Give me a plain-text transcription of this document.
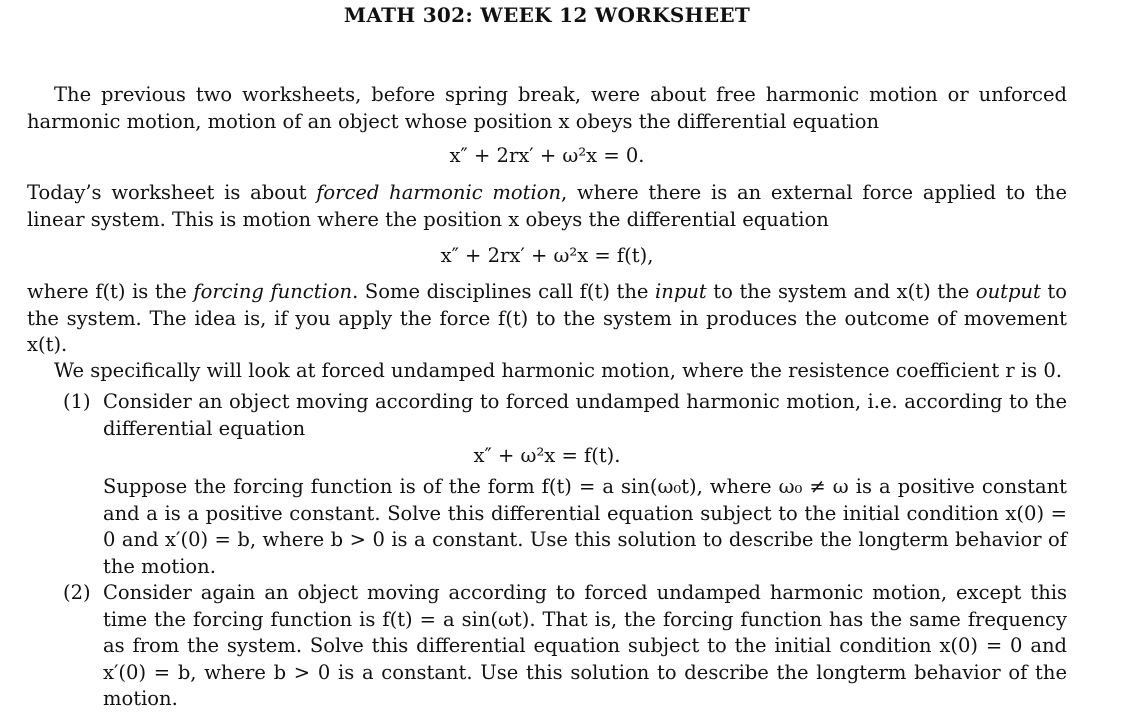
MATH 302: WEEK 12 WORKSHEET

The previous two worksheets, before spring break, were about free harmonic motion or unforced harmonic motion, motion of an object whose position x obeys the differential equation

x″ + 2rx′ + ω²x = 0.

Today’s worksheet is about forced harmonic motion, where there is an external force applied to the linear system. This is motion where the position x obeys the differential equation

x″ + 2rx′ + ω²x = f(t),

where f(t) is the forcing function. Some disciplines call f(t) the input to the system and x(t) the output to the system. The idea is, if you apply the force f(t) to the system in produces the outcome of movement x(t).

We specifically will look at forced undamped harmonic motion, where the resistence coefficient r is 0.

(1) Consider an object moving according to forced undamped harmonic motion, i.e. according to the differential equation
x″ + ω²x = f(t).
Suppose the forcing function is of the form f(t) = a sin(ω₀t), where ω₀ ≠ ω is a positive constant and a is a positive constant. Solve this differential equation subject to the initial condition x(0) = 0 and x′(0) = b, where b > 0 is a constant. Use this solution to describe the longterm behavior of the motion.
(2) Consider again an object moving according to forced undamped harmonic motion, except this time the forcing function is f(t) = a sin(ωt). That is, the forcing function has the same frequency as from the system. Solve this differential equation subject to the initial condition x(0) = 0 and x′(0) = b, where b > 0 is a constant. Use this solution to describe the longterm behavior of the motion.
